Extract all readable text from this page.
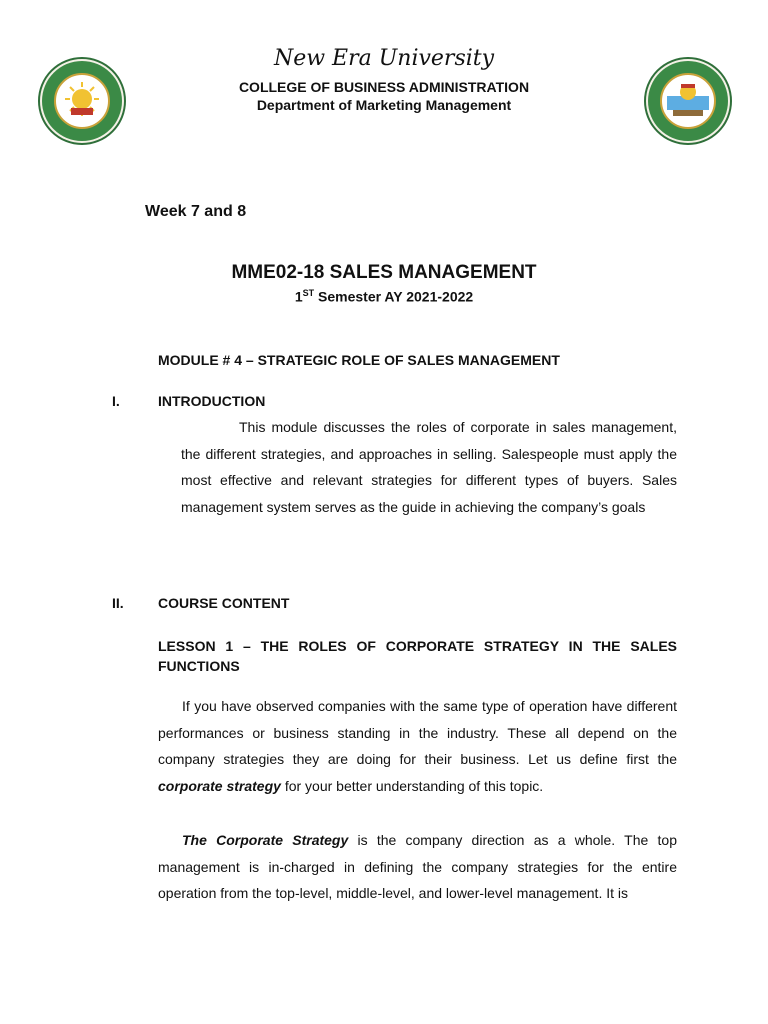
New Era University
COLLEGE OF BUSINESS ADMINISTRATION
Department of Marketing Management
Week 7 and 8
MME02-18 SALES MANAGEMENT
1ST Semester AY 2021-2022
MODULE # 4 – STRATEGIC ROLE OF SALES MANAGEMENT
I.	INTRODUCTION
This module discusses the roles of corporate in sales management, the different strategies, and approaches in selling. Salespeople must apply the most effective and relevant strategies for different types of buyers. Sales management system serves as the guide in achieving the company’s goals
II. COURSE CONTENT
LESSON 1 – THE ROLES OF CORPORATE STRATEGY IN THE SALES FUNCTIONS
If you have observed companies with the same type of operation have different performances or business standing in the industry. These all depend on the company strategies they are doing for their business. Let us define first the corporate strategy for your better understanding of this topic.
The Corporate Strategy is the company direction as a whole. The top management is in-charged in defining the company strategies for the entire operation from the top-level, middle-level, and lower-level management. It is
